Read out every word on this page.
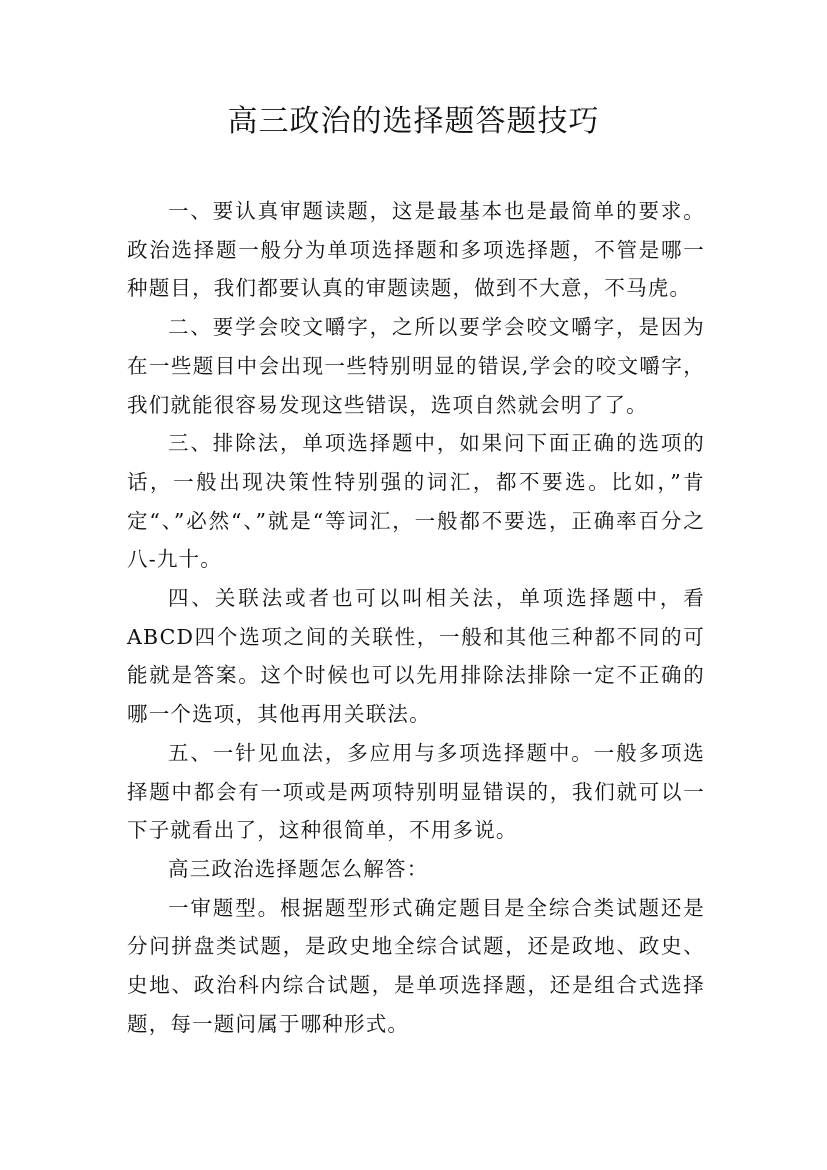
高三政治的选择题答题技巧

一、要认真审题读题，这是最基本也是最简单的要求。政治选择题一般分为单项选择题和多项选择题，不管是哪一种题目，我们都要认真的审题读题，做到不大意，不马虎。

二、要学会咬文嚼字，之所以要学会咬文嚼字，是因为在一些题目中会出现一些特别明显的错误,学会的咬文嚼字，我们就能很容易发现这些错误，选项自然就会明了了。

三、排除法，单项选择题中，如果问下面正确的选项的话，一般出现决策性特别强的词汇，都不要选。比如，”肯定“、”必然“、”就是“等词汇，一般都不要选，正确率百分之八-九十。

四、关联法或者也可以叫相关法，单项选择题中，看ABCD四个选项之间的关联性，一般和其他三种都不同的可能就是答案。这个时候也可以先用排除法排除一定不正确的哪一个选项，其他再用关联法。

五、一针见血法，多应用与多项选择题中。一般多项选择题中都会有一项或是两项特别明显错误的，我们就可以一下子就看出了，这种很简单，不用多说。

高三政治选择题怎么解答：

一审题型。根据题型形式确定题目是全综合类试题还是分问拼盘类试题，是政史地全综合试题，还是政地、政史、史地、政治科内综合试题，是单项选择题，还是组合式选择题，每一题问属于哪种形式。
